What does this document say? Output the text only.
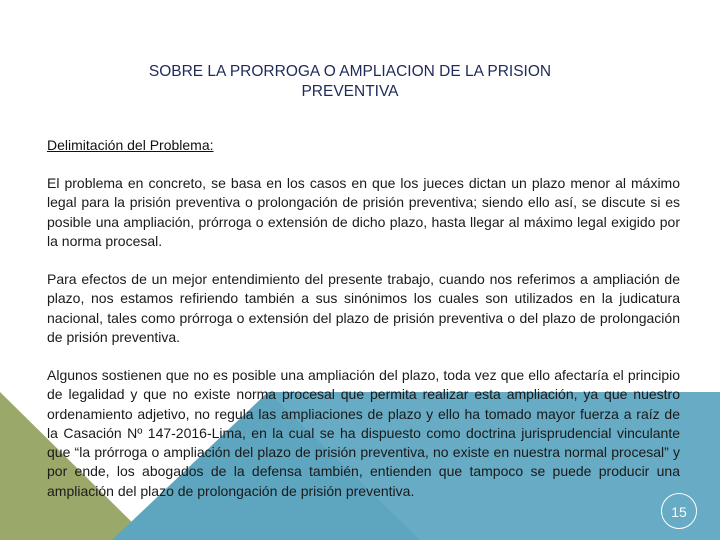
SOBRE LA PRORROGA O AMPLIACION DE LA PRISION
PREVENTIVA
Delimitación del Problema:

El problema en concreto, se basa en los casos en que los jueces dictan un plazo menor al máximo legal para la prisión preventiva o prolongación de prisión preventiva; siendo ello así, se discute si es posible una ampliación, prórroga o extensión de dicho plazo, hasta llegar al máximo legal exigido por la norma procesal.

Para efectos de un mejor entendimiento del presente trabajo, cuando nos referimos a ampliación de plazo, nos estamos refiriendo también a sus sinónimos los cuales son utilizados en la judicatura nacional, tales como prórroga o extensión del plazo de prisión preventiva o del plazo de prolongación de prisión preventiva.

Algunos sostienen que no es posible una ampliación del plazo, toda vez que ello afectaría el principio de legalidad y que no existe norma procesal que permita realizar esta ampliación, ya que nuestro ordenamiento adjetivo, no regula las ampliaciones de plazo y ello ha tomado mayor fuerza a raíz de la Casación Nº 147-2016-Lima, en la cual se ha dispuesto como doctrina jurisprudencial vinculante que “la prórroga o ampliación del plazo de prisión preventiva, no existe en nuestra normal procesal” y por ende, los abogados de la defensa también, entienden que tampoco se puede producir una ampliación del plazo de prolongación de prisión preventiva.

15
